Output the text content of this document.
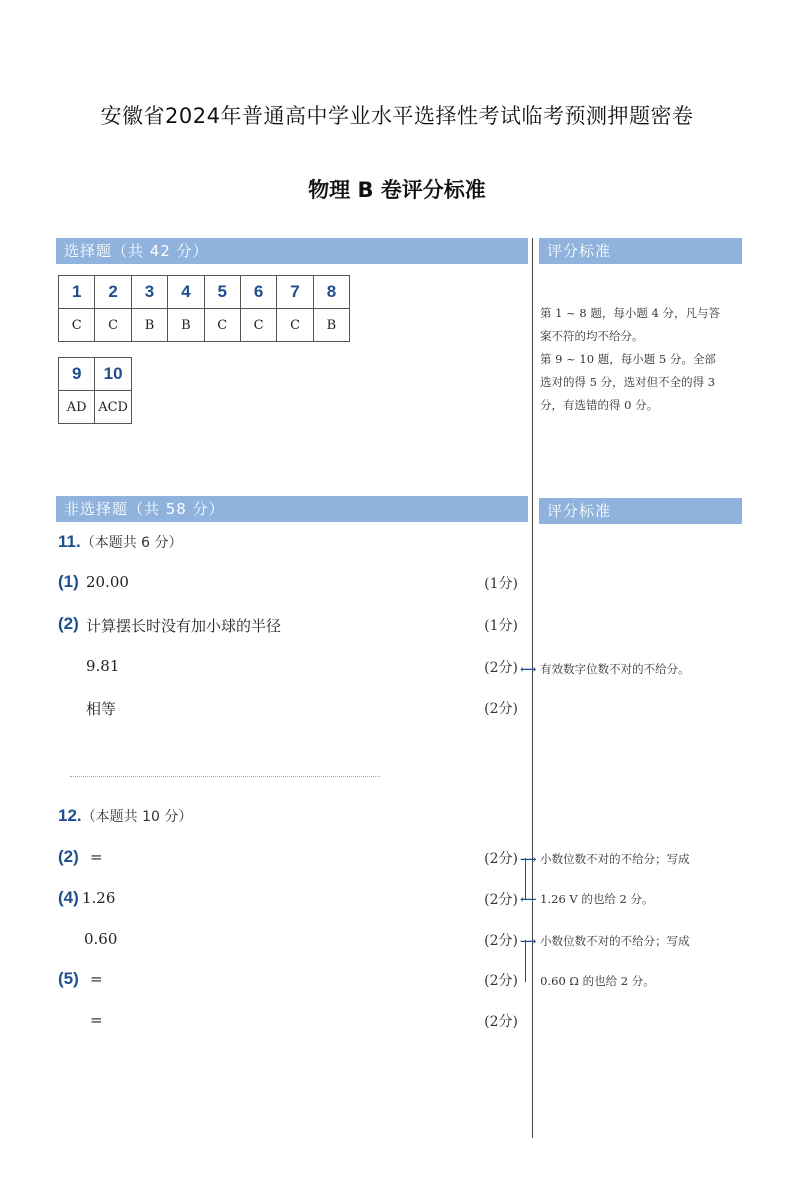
安徽省2024年普通高中学业水平选择性考试临考预测押题密卷
物理 B 卷评分标准
选择题（共 42 分）	评分标准
1	2	3	4	5	6	7	8
C	C	B	B	C	C	C	B
9	10
AD	ACD
第 1 ~ 8 题，每小题 4 分，凡与答
案不符的均不给分。
第 9 ~ 10 题，每小题 5 分。全部
选对的得 5 分，选对但不全的得 3
分，有选错的得 0 分。
非选择题（共 58 分）	评分标准
11.（本题共 6 分）
(1) 20.00	(1分)
(2) 计算摆长时没有加小球的半径	(1分)
9.81	(2分)
相等	(2分)
⟷ 有效数字位数不对的不给分。
12.（本题共 10 分）
(2) =	(2分)
(4) 1.26	(2分)
0.60	(2分)
(5) =	(2分)
=	(2分)
⟶ 小数位数不对的不给分；写成
⟵ 1.26 V 的也给 2 分。
⟶ 小数位数不对的不给分；写成
0.60 Ω 的也给 2 分。
